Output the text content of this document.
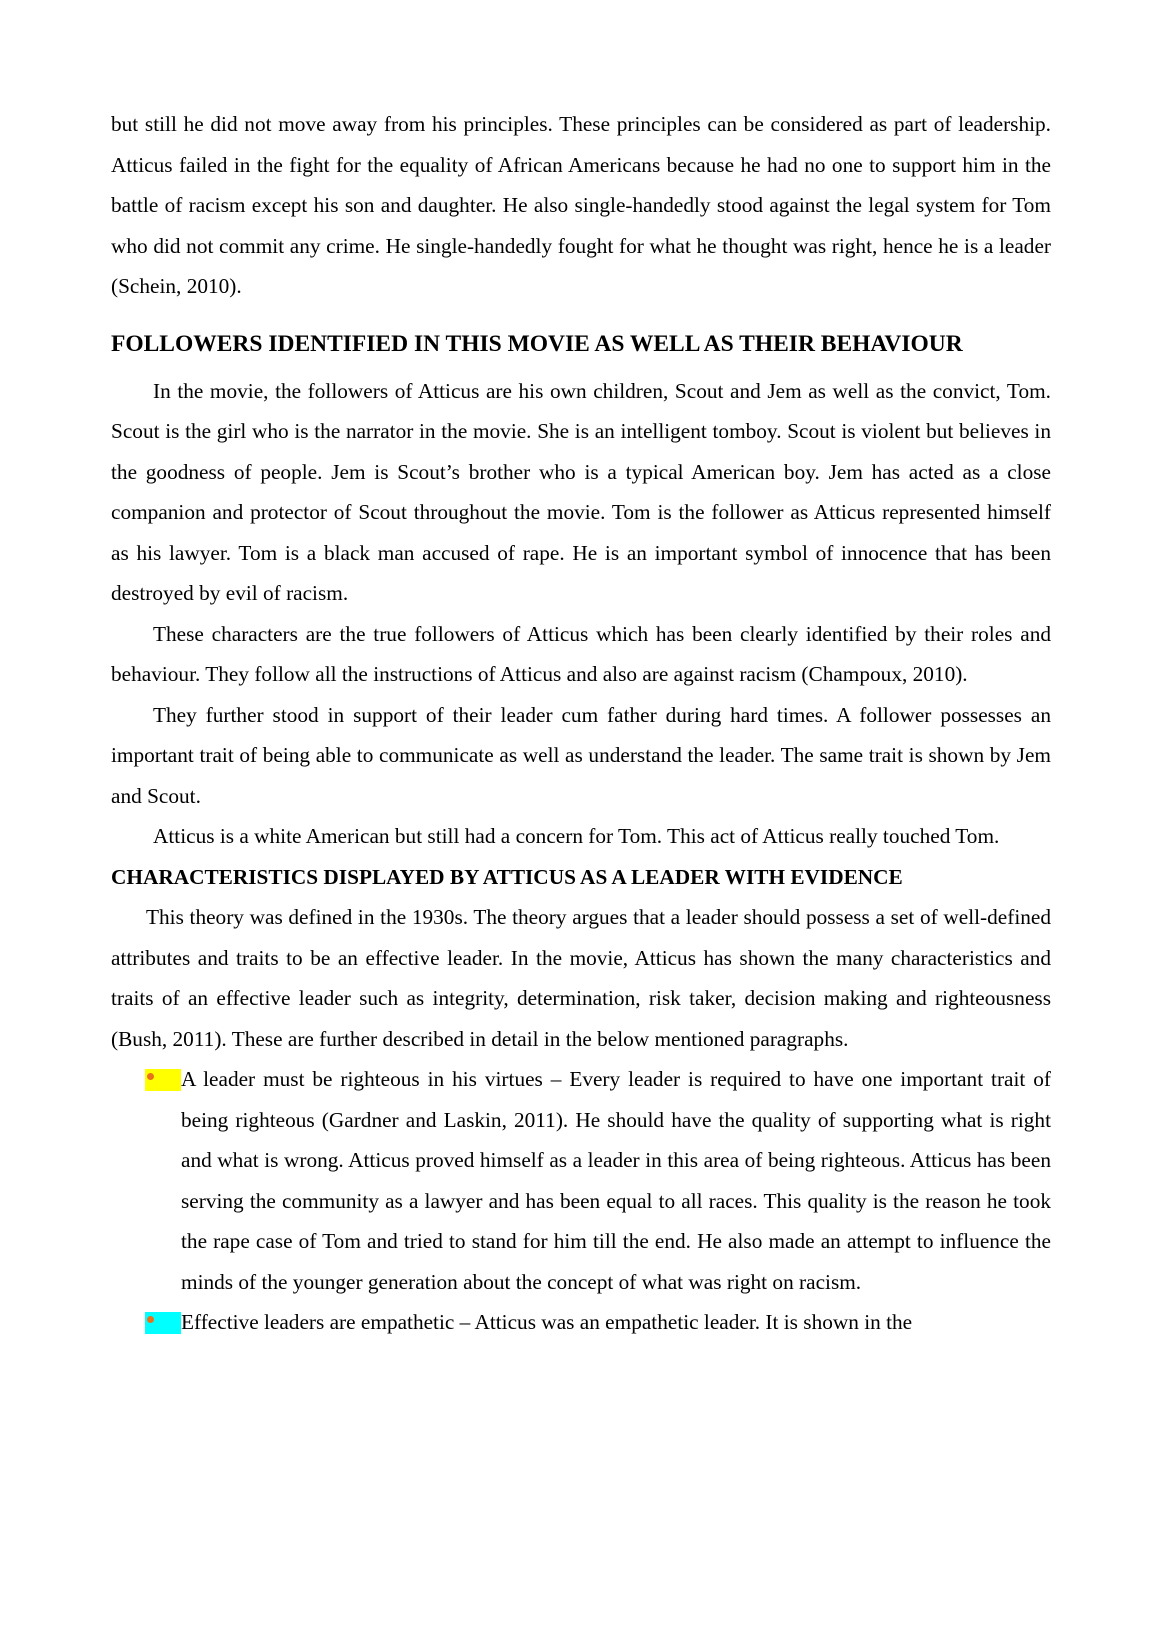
but still he did not move away from his principles. These principles can be considered as part of leadership. Atticus failed in the fight for the equality of African Americans because he had no one to support him in the battle of racism except his son and daughter. He also single-handedly stood against the legal system for Tom who did not commit any crime. He single-handedly fought for what he thought was right, hence he is a leader (Schein, 2010).

FOLLOWERS IDENTIFIED IN THIS MOVIE AS WELL AS THEIR BEHAVIOUR

In the movie, the followers of Atticus are his own children, Scout and Jem as well as the convict, Tom. Scout is the girl who is the narrator in the movie. She is an intelligent tomboy. Scout is violent but believes in the goodness of people. Jem is Scout’s brother who is a typical American boy. Jem has acted as a close companion and protector of Scout throughout the movie. Tom is the follower as Atticus represented himself as his lawyer. Tom is a black man accused of rape. He is an important symbol of innocence that has been destroyed by evil of racism.

These characters are the true followers of Atticus which has been clearly identified by their roles and behaviour. They follow all the instructions of Atticus and also are against racism (Champoux, 2010).

They further stood in support of their leader cum father during hard times. A follower possesses an important trait of being able to communicate as well as understand the leader. The same trait is shown by Jem and Scout.

Atticus is a white American but still had a concern for Tom. This act of Atticus really touched Tom.

CHARACTERISTICS DISPLAYED BY ATTICUS AS A LEADER WITH EVIDENCE

This theory was defined in the 1930s. The theory argues that a leader should possess a set of well-defined attributes and traits to be an effective leader. In the movie, Atticus has shown the many characteristics and traits of an effective leader such as integrity, determination, risk taker, decision making and righteousness (Bush, 2011). These are further described in detail in the below mentioned paragraphs.

A leader must be righteous in his virtues – Every leader is required to have one important trait of being righteous (Gardner and Laskin, 2011). He should have the quality of supporting what is right and what is wrong. Atticus proved himself as a leader in this area of being righteous. Atticus has been serving the community as a lawyer and has been equal to all races. This quality is the reason he took the rape case of Tom and tried to stand for him till the end. He also made an attempt to influence the minds of the younger generation about the concept of what was right on racism.

Effective leaders are empathetic – Atticus was an empathetic leader. It is shown in the
